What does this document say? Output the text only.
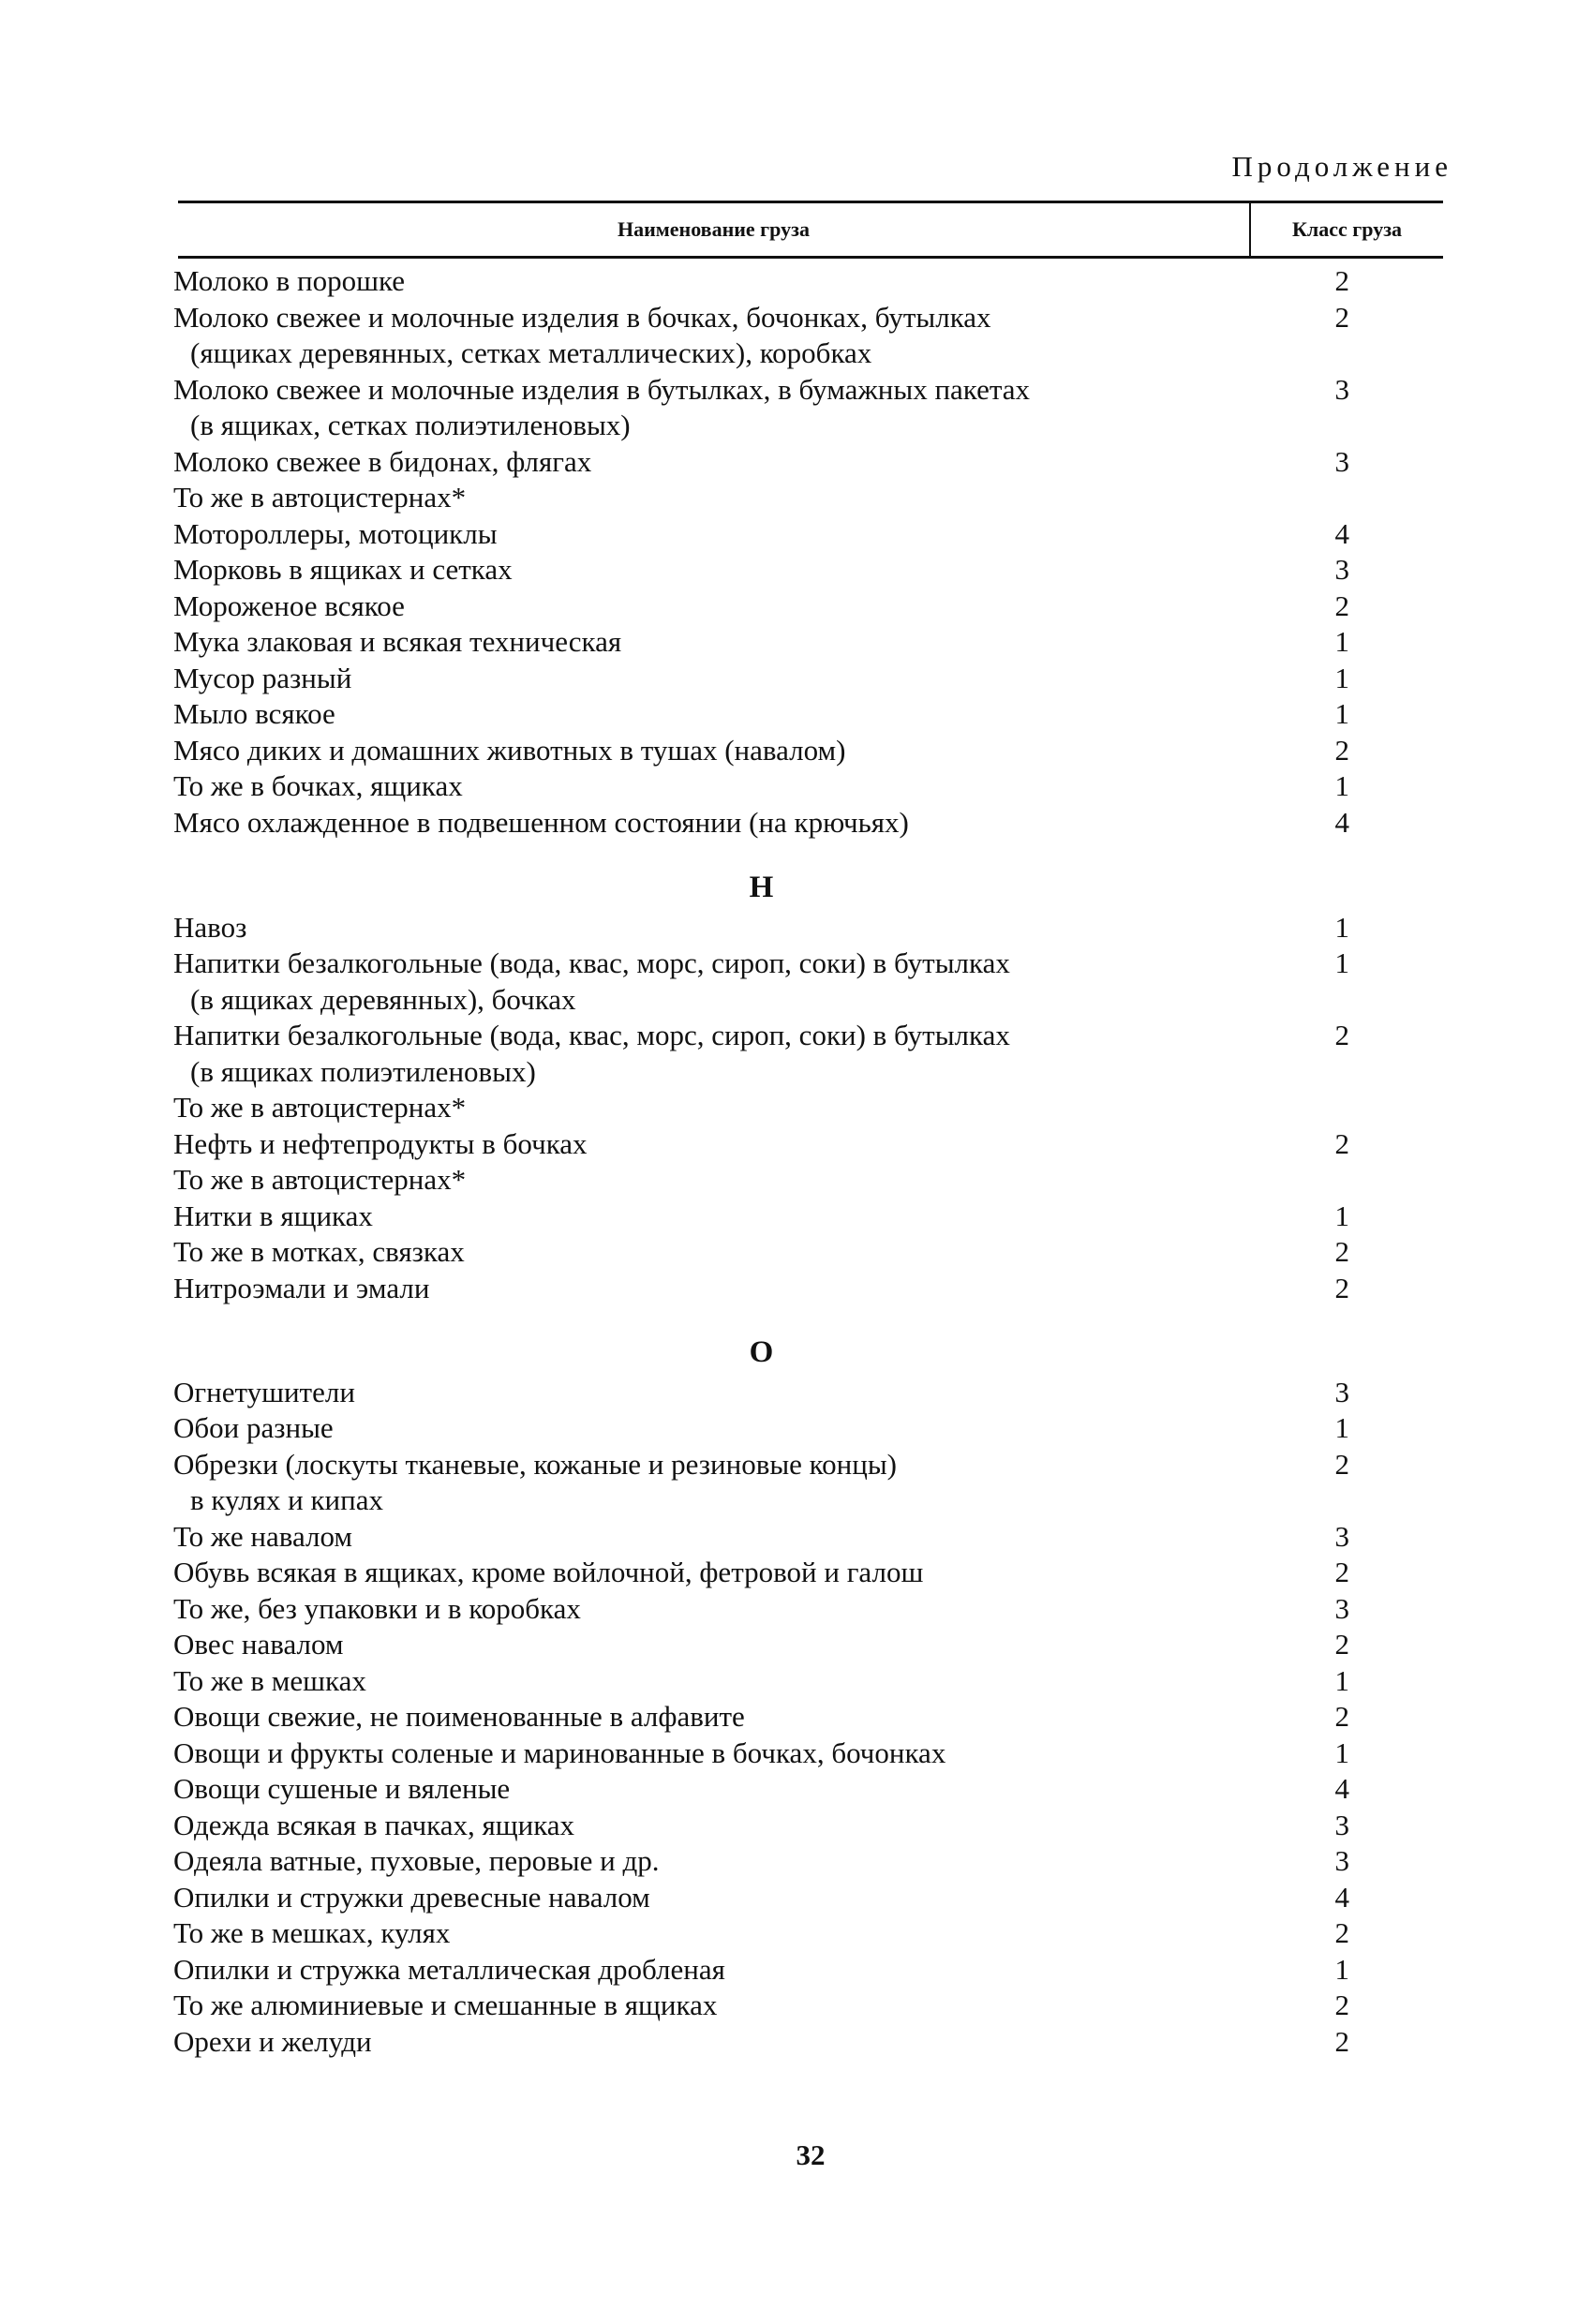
Продолжение
Наименование груза	Класс груза
Молоко в порошке	2
Молоко свежее и молочные изделия в бочках, бочонках, бутылках	2
(ящиках деревянных, сетках металлических), коробках
Молоко свежее и молочные изделия в бутылках, в бумажных пакетах	3
(в ящиках, сетках полиэтиленовых)
Молоко свежее в бидонах, флягах	3
То же в автоцистернах*
Мотороллеры, мотоциклы	4
Морковь в ящиках и сетках	3
Мороженое всякое	2
Мука злаковая и всякая техническая	1
Мусор разный	1
Мыло всякое	1
Мясо диких и домашних животных в тушах (навалом)	2
То же в бочках, ящиках	1
Мясо охлажденное в подвешенном состоянии (на крючьях)	4
Н
Навоз	1
Напитки безалкогольные (вода, квас, морс, сироп, соки) в бутылках	1
(в ящиках деревянных), бочках
Напитки безалкогольные (вода, квас, морс, сироп, соки) в бутылках	2
(в ящиках полиэтиленовых)
То же в автоцистернах*
Нефть и нефтепродукты в бочках	2
То же в автоцистернах*
Нитки в ящиках	1
То же в мотках, связках	2
Нитроэмали и эмали	2
О
Огнетушители	3
Обои разные	1
Обрезки (лоскуты тканевые, кожаные и резиновые концы)	2
в кулях и кипах
То же навалом	3
Обувь всякая в ящиках, кроме войлочной, фетровой и галош	2
То же, без упаковки и в коробках	3
Овес навалом	2
То же в мешках	1
Овощи свежие, не поименованные в алфавите	2
Овощи и фрукты соленые и маринованные в бочках, бочонках	1
Овощи сушеные и вяленые	4
Одежда всякая в пачках, ящиках	3
Одеяла ватные, пуховые, перовые и др.	3
Опилки и стружки древесные навалом	4
То же в мешках, кулях	2
Опилки и стружка металлическая дробленая	1
То же алюминиевые и смешанные в ящиках	2
Орехи и желуди	2
32
